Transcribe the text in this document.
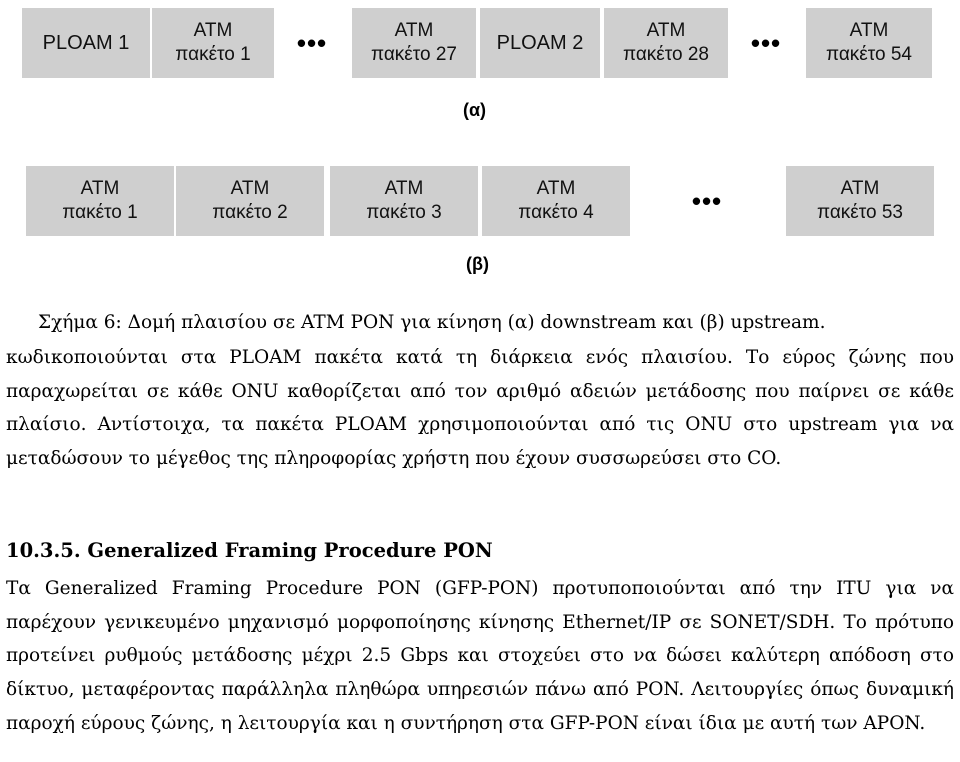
PLOAM 1
ATM
πακέτο 1	•••	ATM
πακέτο 27
PLOAM 2
ATM
πακέτο 28	•••	ATM
πακέτο 54
(α)
ATM
πακέτο 1
ATM
πακέτο 2
ATM
πακέτο 3
ATM
πακέτο 4	•••	ATM
πακέτο 53
(β)
Σχήμα 6: Δομή πλαισίου σε ATM PON για κίνηση (α) downstream και (β) upstream.
κωδικοποιούνται στα PLOAM πακέτα κατά τη διάρκεια ενός πλαισίου. Το εύρος ζώνης που παραχωρείται σε κάθε ONU καθορίζεται από τον αριθμό αδειών μετάδοσης που παίρνει σε κάθε πλαίσιο. Αντίστοιχα, τα πακέτα PLOAM χρησιμοποιούνται από τις ONU στο upstream για να μεταδώσουν το μέγεθος της πληροφορίας χρήστη που έχουν συσσωρεύσει στο CO.
10.3.5. Generalized Framing Procedure PON
Τα Generalized Framing Procedure PON (GFP-PON) προτυποποιούνται από την ITU για να παρέχουν γενικευμένο μηχανισμό μορφοποίησης κίνησης Ethernet/IP σε SONET/SDH. Το πρότυπο προτείνει ρυθμούς μετάδοσης μέχρι 2.5 Gbps και στοχεύει στο να δώσει καλύτερη απόδοση στο δίκτυο, μεταφέροντας παράλληλα πληθώρα υπηρεσιών πάνω από PON. Λειτουργίες όπως δυναμική παροχή εύρους ζώνης, η λειτουργία και η συντήρηση στα GFP-PON είναι ίδια με αυτή των APON.
